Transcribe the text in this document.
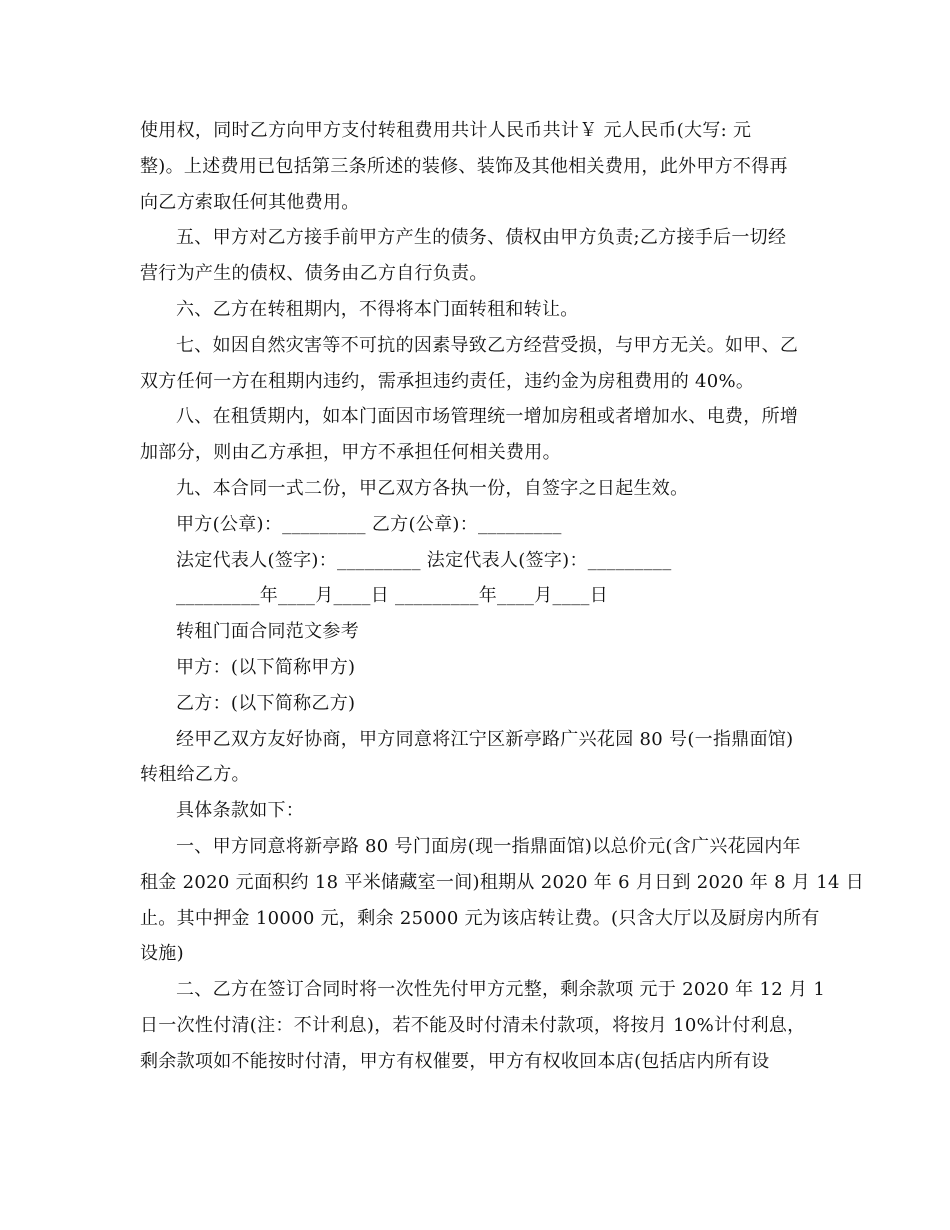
使用权，同时乙方向甲方支付转租费用共计人民币共计￥ 元人民币(大写: 元
整)。上述费用已包括第三条所述的装修、装饰及其他相关费用，此外甲方不得再
向乙方索取任何其他费用。
五、甲方对乙方接手前甲方产生的债务、债权由甲方负责;乙方接手后一切经
营行为产生的债权、债务由乙方自行负责。
六、乙方在转租期内，不得将本门面转租和转让。
七、如因自然灾害等不可抗的因素导致乙方经营受损，与甲方无关。如甲、乙
双方任何一方在租期内违约，需承担违约责任，违约金为房租费用的 40%。
八、在租赁期内，如本门面因市场管理统一增加房租或者增加水、电费，所增
加部分，则由乙方承担，甲方不承担任何相关费用。
九、本合同一式二份，甲乙双方各执一份，自签字之日起生效。
甲方(公章)：_________ 乙方(公章)：_________
法定代表人(签字)：_________ 法定代表人(签字)：_________
_________年____月____日 _________年____月____日
转租门面合同范文参考
甲方：(以下简称甲方)
乙方：(以下简称乙方)
经甲乙双方友好协商，甲方同意将江宁区新亭路广兴花园 80 号(一指鼎面馆)
转租给乙方。
具体条款如下：
一、甲方同意将新亭路 80 号门面房(现一指鼎面馆)以总价元(含广兴花园内年
租金 2020 元面积约 18 平米储藏室一间)租期从 2020 年 6 月日到 2020 年 8 月 14 日
止。其中押金 10000 元，剩余 25000 元为该店转让费。(只含大厅以及厨房内所有
设施)
二、乙方在签订合同时将一次性先付甲方元整，剩余款项 元于 2020 年 12 月 1
日一次性付清(注：不计利息)，若不能及时付清未付款项，将按月 10%计付利息，
剩余款项如不能按时付清，甲方有权催要，甲方有权收回本店(包括店内所有设
